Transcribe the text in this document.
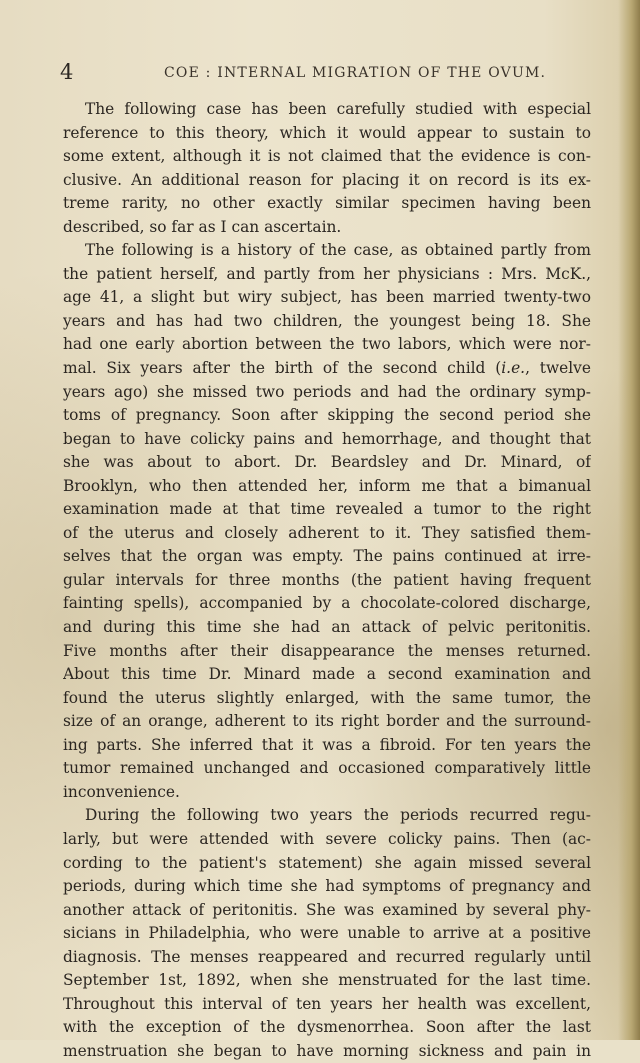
4	COE : INTERNAL MIGRATION OF THE OVUM.
The following case has been carefully studied with especial
reference to this theory, which it would appear to sustain to
some extent, although it is not claimed that the evidence is con-
clusive. An additional reason for placing it on record is its ex-
treme rarity, no other exactly similar specimen having been
described, so far as I can ascertain.
The following is a history of the case, as obtained partly from
the patient herself, and partly from her physicians : Mrs. McK.,
age 41, a slight but wiry subject, has been married twenty-two
years and has had two children, the youngest being 18. She
had one early abortion between the two labors, which were nor-
mal. Six years after the birth of the second child (i.e., twelve
years ago) she missed two periods and had the ordinary symp-
toms of pregnancy. Soon after skipping the second period she
began to have colicky pains and hemorrhage, and thought that
she was about to abort. Dr. Beardsley and Dr. Minard, of
Brooklyn, who then attended her, inform me that a bimanual
examination made at that time revealed a tumor to the right
of the uterus and closely adherent to it. They satisfied them-
selves that the organ was empty. The pains continued at irre-
gular intervals for three months (the patient having frequent
fainting spells), accompanied by a chocolate-colored discharge,
and during this time she had an attack of pelvic peritonitis.
Five months after their disappearance the menses returned.
About this time Dr. Minard made a second examination and
found the uterus slightly enlarged, with the same tumor, the
size of an orange, adherent to its right border and the surround-
ing parts. She inferred that it was a fibroid. For ten years the
tumor remained unchanged and occasioned comparatively little
inconvenience.
During the following two years the periods recurred regu-
larly, but were attended with severe colicky pains. Then (ac-
cording to the patient's statement) she again missed several
periods, during which time she had symptoms of pregnancy and
another attack of peritonitis. She was examined by several phy-
sicians in Philadelphia, who were unable to arrive at a positive
diagnosis. The menses reappeared and recurred regularly until
September 1st, 1892, when she menstruated for the last time.
Throughout this interval of ten years her health was excellent,
with the exception of the dysmenorrhea. Soon after the last
menstruation she began to have morning sickness and pain in
